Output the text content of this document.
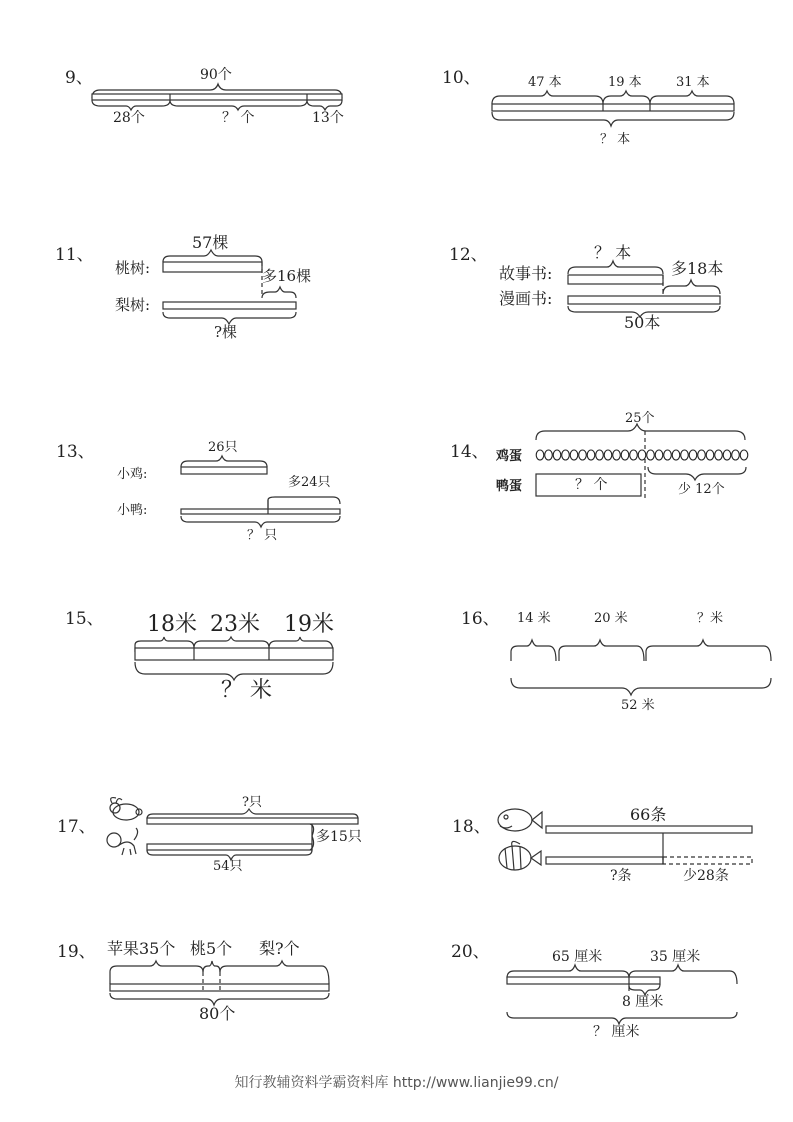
9、	90个
28个	？ 个	13个
10、	47 本	19 本	31 本
？ 本
11、
57棵
桃树:
梨树:
多16棵
?棵
12、	？ 本
故事书:
漫画书:
多18本
50本
13、	26只
小鸡:
小鸭:
多24只
？ 只
14、
25个
鸡蛋
鸭蛋	？ 个	少 12个
15、 18米 23米 19米
？ 米
16、 14 米	20 米	？米
52 米
17、
?只
多15只
54只
18、
66条
?条	少28条
19、 苹果35个 桃5个 梨?个
80个
20、	65 厘米	35 厘米
8 厘米
？ 厘米
知行教辅资料学霸资料库 http://www.lianjie99.cn/
